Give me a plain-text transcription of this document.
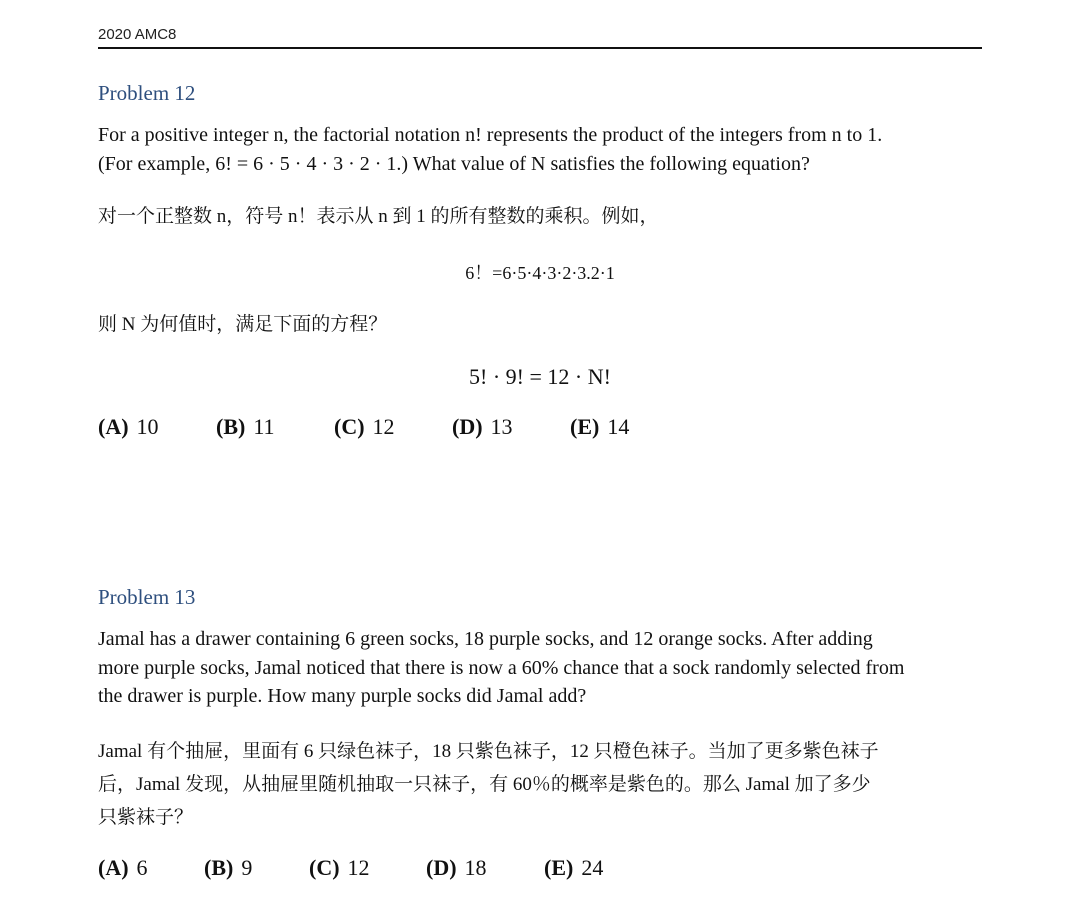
2020 AMC8
Problem 12
For a positive integer n, the factorial notation n! represents the product of the integers from n to 1.
(For example, 6! = 6 · 5 · 4 · 3 · 2 · 1.) What value of N satisfies the following equation?
对一个正整数 n，符号 n！表示从 n 到 1 的所有整数的乘积。例如，
6！=6·5·4·3·2·3.2·1
则 N 为何值时，满足下面的方程？
5! · 9! = 12 · N!
(A) 10	(B) 11	(C) 12	(D) 13	(E) 14
Problem 13
Jamal has a drawer containing 6 green socks, 18 purple socks, and 12 orange socks. After adding
more purple socks, Jamal noticed that there is now a 60% chance that a sock randomly selected from
the drawer is purple. How many purple socks did Jamal add?
Jamal 有个抽屉，里面有 6 只绿色袜子，18 只紫色袜子，12 只橙色袜子。当加了更多紫色袜子
后，Jamal 发现，从抽屉里随机抽取一只袜子，有 60％的概率是紫色的。那么 Jamal 加了多少
只紫袜子？
(A) 6	(B) 9	(C) 12	(D) 18	(E) 24
